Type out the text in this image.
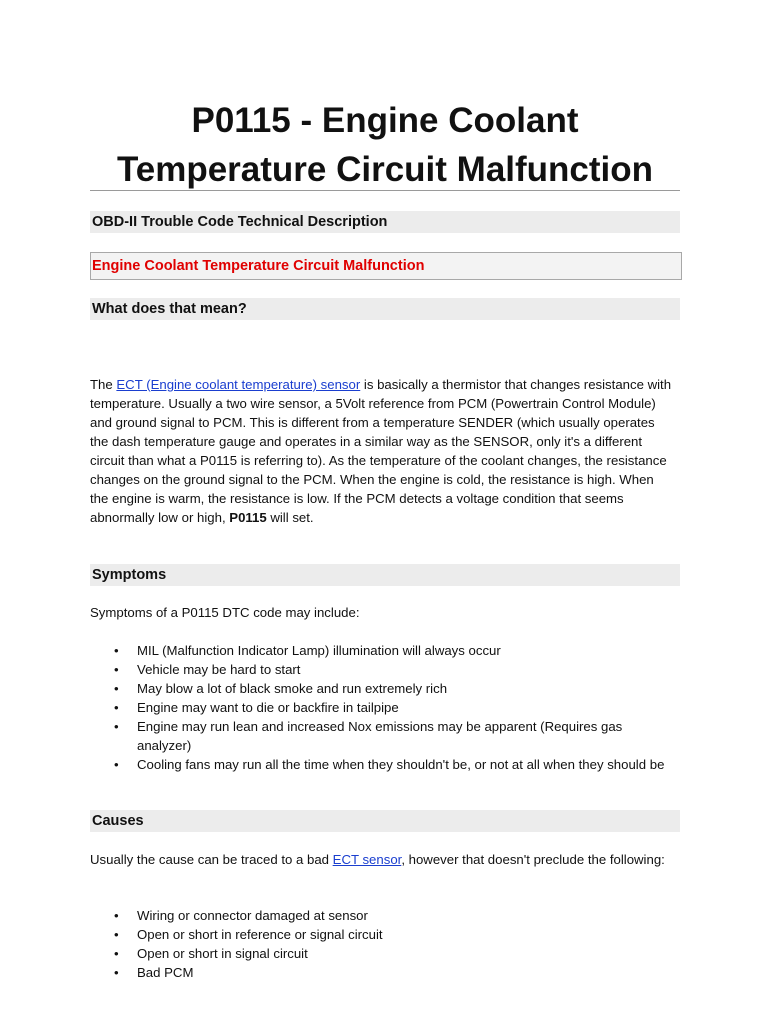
P0115 - Engine Coolant Temperature Circuit Malfunction
OBD-II Trouble Code Technical Description
Engine Coolant Temperature Circuit Malfunction
What does that mean?
The ECT (Engine coolant temperature) sensor is basically a thermistor that changes resistance with temperature. Usually a two wire sensor, a 5Volt reference from PCM (Powertrain Control Module) and ground signal to PCM. This is different from a temperature SENDER (which usually operates the dash temperature gauge and operates in a similar way as the SENSOR, only it's a different circuit than what a P0115 is referring to). As the temperature of the coolant changes, the resistance changes on the ground signal to the PCM. When the engine is cold, the resistance is high. When the engine is warm, the resistance is low. If the PCM detects a voltage condition that seems abnormally low or high, P0115 will set.
Symptoms
Symptoms of a P0115 DTC code may include:
• MIL (Malfunction Indicator Lamp) illumination will always occur
• Vehicle may be hard to start
• May blow a lot of black smoke and run extremely rich
• Engine may want to die or backfire in tailpipe
• Engine may run lean and increased Nox emissions may be apparent (Requires gas analyzer)
• Cooling fans may run all the time when they shouldn't be, or not at all when they should be
Causes
Usually the cause can be traced to a bad ECT sensor, however that doesn't preclude the following:
• Wiring or connector damaged at sensor
• Open or short in reference or signal circuit
• Open or short in signal circuit
• Bad PCM
